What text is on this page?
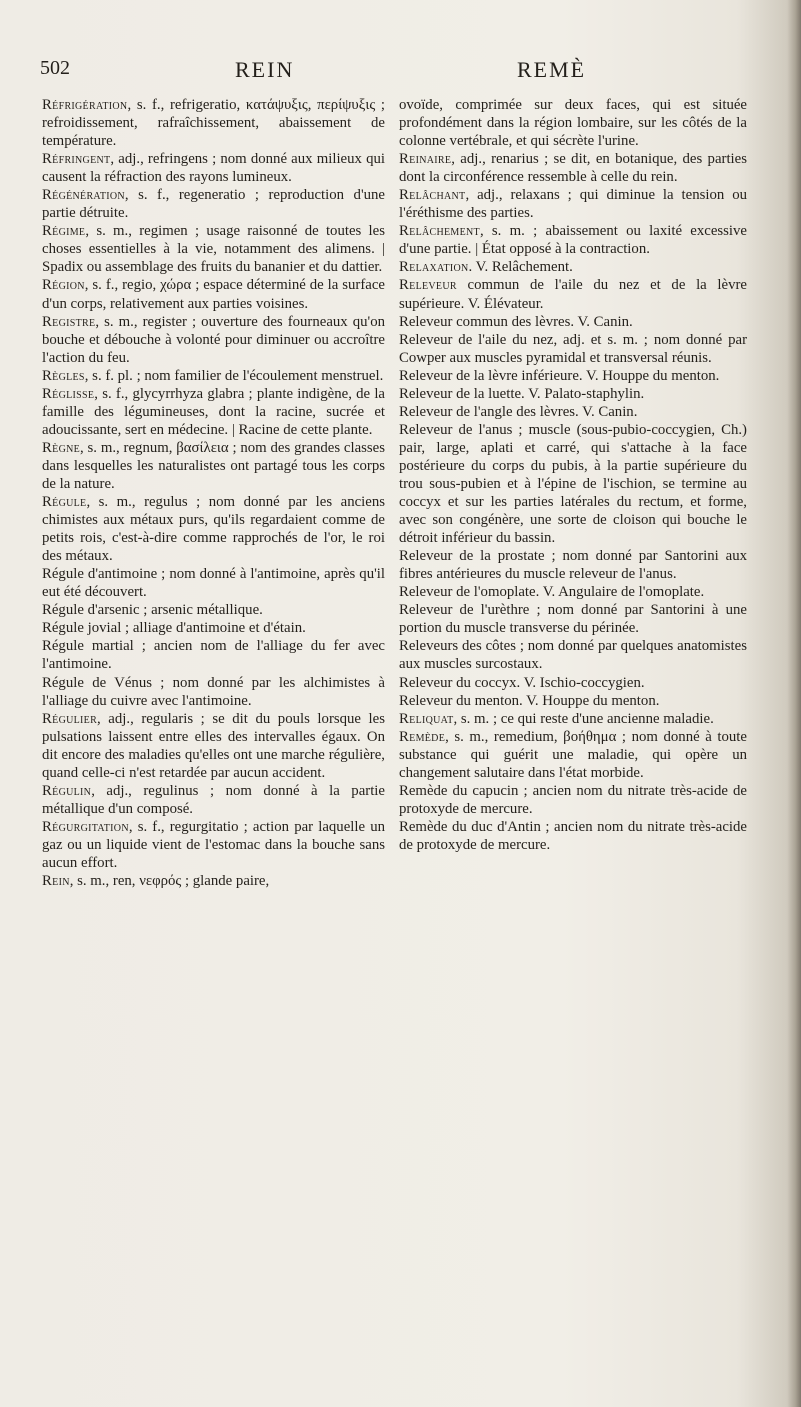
502	REIN	REMÈ

Réfrigération, s. f., refrigeratio, κατάψυξις, περίψυξις ; refroidissement, rafraîchissement, abaissement de température.

Réfringent, adj., refringens ; nom donné aux milieux qui causent la réfraction des rayons lumineux.

Régénération, s. f., regeneratio ; reproduction d'une partie détruite.

Régime, s. m., regimen ; usage raisonné de toutes les choses essentielles à la vie, notamment des alimens. | Spadix ou assemblage des fruits du bananier et du dattier.

Région, s. f., regio, χώρα ; espace déterminé de la surface d'un corps, relativement aux parties voisines.

Registre, s. m., register ; ouverture des fourneaux qu'on bouche et débouche à volonté pour diminuer ou accroître l'action du feu.

Règles, s. f. pl. ; nom familier de l'écoulement menstruel.

Réglisse, s. f., glycyrrhyza glabra ; plante indigène, de la famille des légumineuses, dont la racine, sucrée et adoucissante, sert en médecine. | Racine de cette plante.

Règne, s. m., regnum, βασίλεια ; nom des grandes classes dans lesquelles les naturalistes ont partagé tous les corps de la nature.

Régule, s. m., regulus ; nom donné par les anciens chimistes aux métaux purs, qu'ils regardaient comme de petits rois, c'est-à-dire comme rapprochés de l'or, le roi des métaux.

Régule d'antimoine ; nom donné à l'antimoine, après qu'il eut été découvert.

Régule d'arsenic ; arsenic métallique.

Régule jovial ; alliage d'antimoine et d'étain.

Régule martial ; ancien nom de l'alliage du fer avec l'antimoine.

Régule de Vénus ; nom donné par les alchimistes à l'alliage du cuivre avec l'antimoine.

Régulier, adj., regularis ; se dit du pouls lorsque les pulsations laissent entre elles des intervalles égaux. On dit encore des maladies qu'elles ont une marche régulière, quand celle-ci n'est retardée par aucun accident.

Régulin, adj., regulinus ; nom donné à la partie métallique d'un composé.

Régurgitation, s. f., regurgitatio ; action par laquelle un gaz ou un liquide vient de l'estomac dans la bouche sans aucun effort.

Rein, s. m., ren, νεφρός ; glande paire,

ovoïde, comprimée sur deux faces, qui est située profondément dans la région lombaire, sur les côtés de la colonne vertébrale, et qui sécrète l'urine.

Reinaire, adj., renarius ; se dit, en botanique, des parties dont la circonférence ressemble à celle du rein.

Relâchant, adj., relaxans ; qui diminue la tension ou l'éréthisme des parties.

Relâchement, s. m. ; abaissement ou laxité excessive d'une partie. | État opposé à la contraction.

Relaxation. V. Relâchement.

Releveur commun de l'aile du nez et de la lèvre supérieure. V. Élévateur.

Releveur commun des lèvres. V. Canin.

Releveur de l'aile du nez, adj. et s. m. ; nom donné par Cowper aux muscles pyramidal et transversal réunis.

Releveur de la lèvre inférieure. V. Houppe du menton.

Releveur de la luette. V. Palato-staphylin.

Releveur de l'angle des lèvres. V. Canin.

Releveur de l'anus ; muscle (sous-pubio-coccygien, Ch.) pair, large, aplati et carré, qui s'attache à la face postérieure du corps du pubis, à la partie supérieure du trou sous-pubien et à l'épine de l'ischion, se termine au coccyx et sur les parties latérales du rectum, et forme, avec son congénère, une sorte de cloison qui bouche le détroit inférieur du bassin.

Releveur de la prostate ; nom donné par Santorini aux fibres antérieures du muscle releveur de l'anus.

Releveur de l'omoplate. V. Angulaire de l'omoplate.

Releveur de l'urèthre ; nom donné par Santorini à une portion du muscle transverse du périnée.

Releveurs des côtes ; nom donné par quelques anatomistes aux muscles surcostaux.

Releveur du coccyx. V. Ischio-coccygien.

Releveur du menton. V. Houppe du menton.

Reliquat, s. m. ; ce qui reste d'une ancienne maladie.

Remède, s. m., remedium, βοήθημα ; nom donné à toute substance qui guérit une maladie, qui opère un changement salutaire dans l'état morbide.

Remède du capucin ; ancien nom du nitrate très-acide de protoxyde de mercure.

Remède du duc d'Antin ; ancien nom du nitrate très-acide de protoxyde de mercure.
